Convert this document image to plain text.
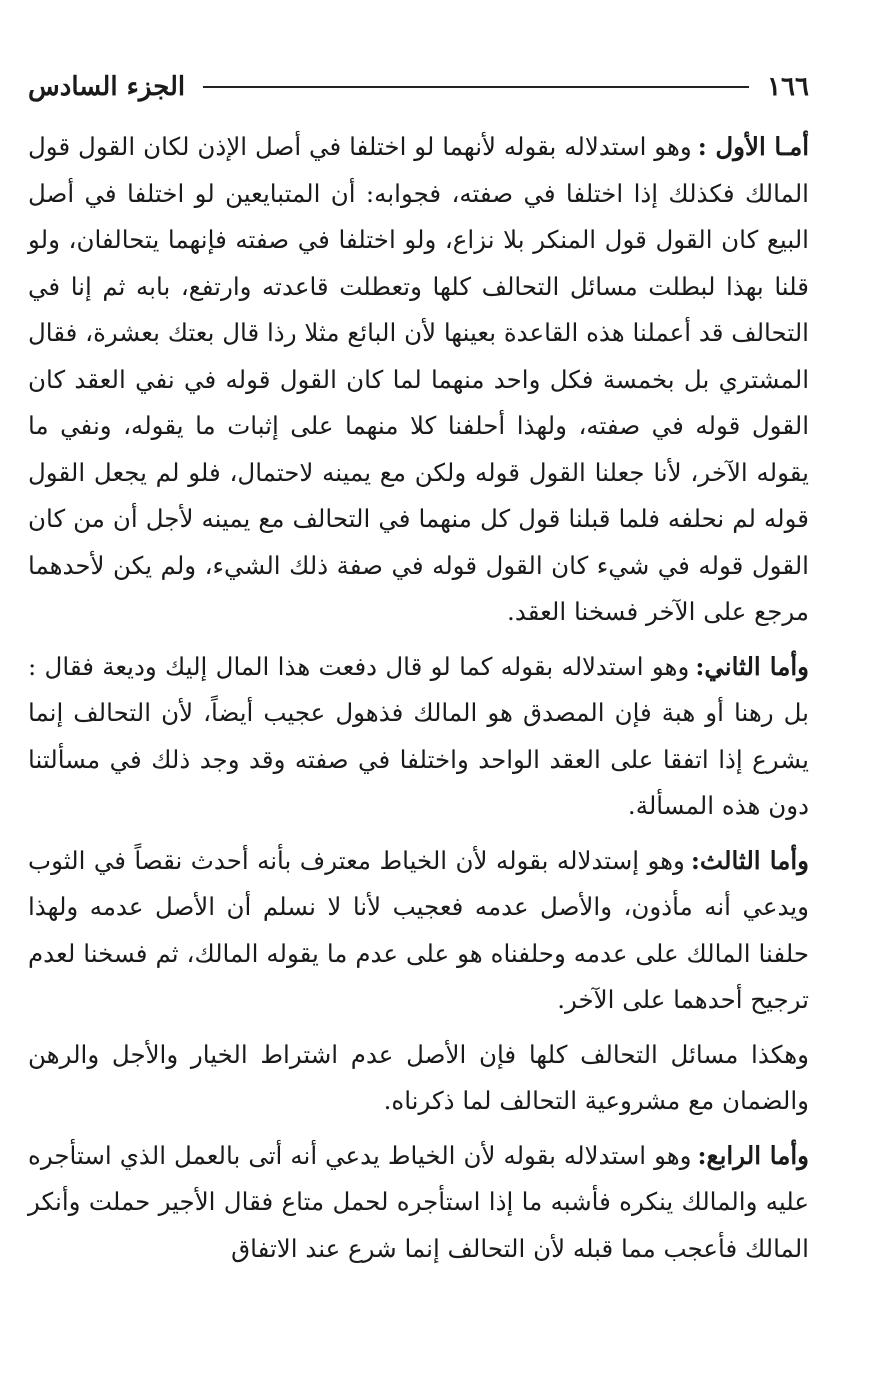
١٦٦
الجزء السادس

أمـا الأول :وهو استدلاله بقوله لأنهما لو اختلفا في أصل الإذن لكان القول قول المالك فكذلك إذا اختلفا في صفته، فجوابه: أن المتبايعين لو اختلفا في أصل البيع كان القول قول المنكر بلا نزاع، ولو اختلفا في صفته فإنهما يتحالفان، ولو قلنا بهذا لبطلت مسائل التحالف كلها وتعطلت قاعدته وارتفع، بابه ثم إنا في التحالف قد أعملنا هذه القاعدة بعينها لأن البائع مثلا رذا قال بعتك بعشرة، فقال المشتري بل بخمسة فكل واحد منهما لما كان القول قوله في نفي العقد كان القول قوله في صفته، ولهذا أحلفنا كلا منهما على إثبات ما يقوله، ونفي ما يقوله الآخر، لأنا جعلنا القول قوله ولكن مع يمينه لاحتمال، فلو لم يجعل القول قوله لم نحلفه فلما قبلنا قول كل منهما في التحالف مع يمينه لأجل أن من كان القول قوله في شيء كان القول قوله في صفة ذلك الشيء، ولم يكن لأحدهما مرجع على الآخر فسخنا العقد.

وأما الثاني:وهو استدلاله بقوله كما لو قال دفعت هذا المال إليك وديعة فقال : بل رهنا أو هبة فإن المصدق هو المالك فذهول عجيب أيضاً، لأن التحالف إنما يشرع إذا اتفقا على العقد الواحد واختلفا في صفته وقد وجد ذلك في مسألتنا دون هذه المسألة.

وأما الثالث:وهو إستدلاله بقوله لأن الخياط معترف بأنه أحدث نقصاً في الثوب ويدعي أنه مأذون، والأصل عدمه فعجيب لأنا لا نسلم أن الأصل عدمه ولهذا حلفنا المالك على عدمه وحلفناه هو على عدم ما يقوله المالك، ثم فسخنا لعدم ترجيح أحدهما على الآخر.

وهكذا مسائل التحالف كلها فإن الأصل عدم اشتراط الخيار والأجل والرهن والضمان مع مشروعية التحالف لما ذكرناه.

وأما الرابع:وهو استدلاله بقوله لأن الخياط يدعي أنه أتى بالعمل الذي استأجره عليه والمالك ينكره فأشبه ما إذا استأجره لحمل متاع فقال الأجير حملت وأنكر المالك فأعجب مما قبله لأن التحالف إنما شرع عند الاتفاق
